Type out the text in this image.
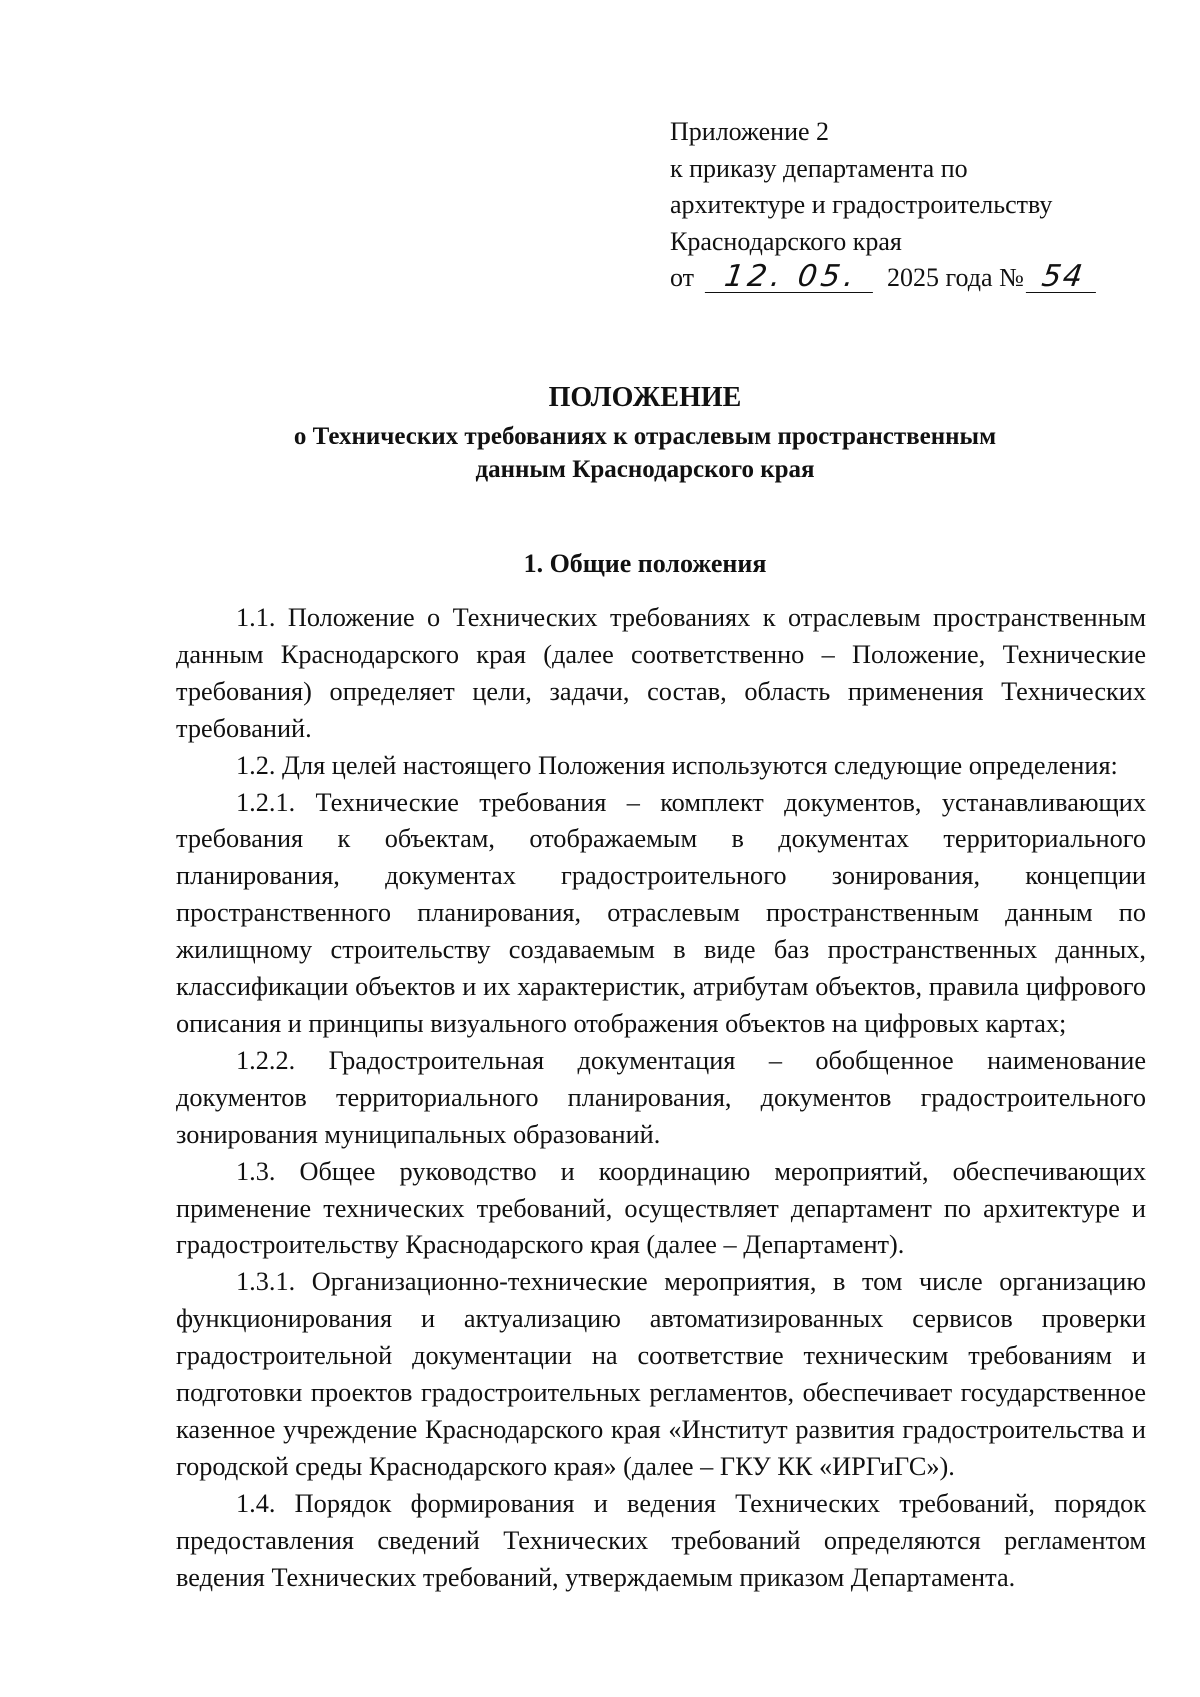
Приложение 2
к приказу департамента по
архитектуре и градостроительству
Краснодарского края
от 12. 05. 2025 года № 54
ПОЛОЖЕНИЕ
о Технических требованиях к отраслевым пространственным
данным Краснодарского края
1. Общие положения

1.1. Положение о Технических требованиях к отраслевым пространственным данным Краснодарского края (далее соответственно – Положение, Технические требования) определяет цели, задачи, состав, область применения Технических требований.

1.2. Для целей настоящего Положения используются следующие определения:

1.2.1. Технические требования – комплект документов, устанавливающих требования к объектам, отображаемым в документах территориального планирования, документах градостроительного зонирования, концепции пространственного планирования, отраслевым пространственным данным по жилищному строительству создаваемым в виде баз пространственных данных, классификации объектов и их характеристик, атрибутам объектов, правила цифрового описания и принципы визуального отображения объектов на цифровых картах;

1.2.2. Градостроительная документация – обобщенное наименование документов территориального планирования, документов градостроительного зонирования муниципальных образований.

1.3. Общее руководство и координацию мероприятий, обеспечивающих применение технических требований, осуществляет департамент по архитектуре и градостроительству Краснодарского края (далее – Департамент).

1.3.1. Организационно-технические мероприятия, в том числе организацию функционирования и актуализацию автоматизированных сервисов проверки градостроительной документации на соответствие техническим требованиям и подготовки проектов градостроительных регламентов, обеспечивает государственное казенное учреждение Краснодарского края «Институт развития градостроительства и городской среды Краснодарского края» (далее – ГКУ КК «ИРГиГС»).

1.4. Порядок формирования и ведения Технических требований, порядок предоставления сведений Технических требований определяются регламентом ведения Технических требований, утверждаемым приказом Департамента.
